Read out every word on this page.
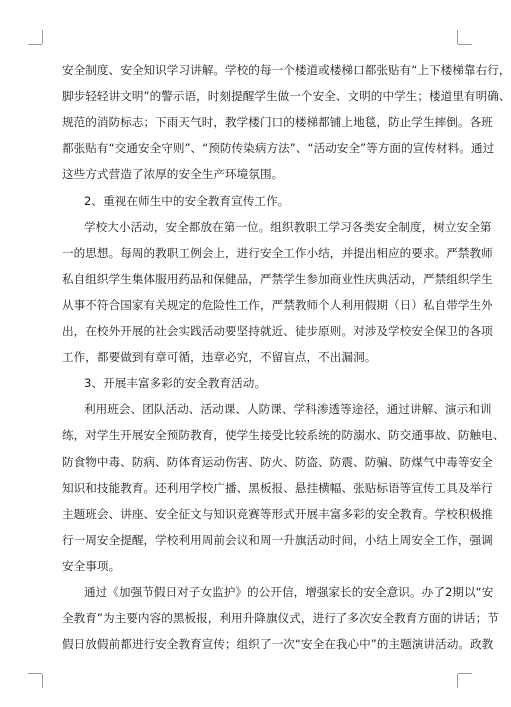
安全制度、安全知识学习讲解。学校的每一个楼道或楼梯口都张贴有“上下楼梯靠右行，
脚步轻轻讲文明”的警示语，时刻提醒学生做一个安全、文明的中学生；楼道里有明确、
规范的消防标志；下雨天气时，教学楼门口的楼梯都铺上地毯，防止学生摔倒。各班
都张贴有“交通安全守则”、“预防传染病方法”、“活动安全”等方面的宣传材料。通过
这些方式营造了浓厚的安全生产环境氛围。
2、重视在师生中的安全教育宣传工作。
学校大小活动，安全都放在第一位。组织教职工学习各类安全制度，树立安全第
一的思想。每周的教职工例会上，进行安全工作小结，并提出相应的要求。严禁教师
私自组织学生集体服用药品和保健品，严禁学生参加商业性庆典活动，严禁组织学生
从事不符合国家有关规定的危险性工作，严禁教师个人利用假期（日）私自带学生外
出，在校外开展的社会实践活动要坚持就近、徒步原则。对涉及学校安全保卫的各项
工作，都要做到有章可循，违章必究，不留盲点，不出漏洞。
3、开展丰富多彩的安全教育活动。
利用班会、团队活动、活动课、人防课、学科渗透等途径，通过讲解、演示和训
练，对学生开展安全预防教育，使学生接受比较系统的防溺水、防交通事故、防触电、
防食物中毒、防病、防体育运动伤害、防火、防盗、防震、防骗、防煤气中毒等安全
知识和技能教育。还利用学校广播、黑板报、悬挂横幅、张贴标语等宣传工具及举行
主题班会、讲座、安全征文与知识竞赛等形式开展丰富多彩的安全教育。学校积极推
行一周安全提醒，学校利用周前会议和周一升旗活动时间，小结上周安全工作，强调
安全事项。
通过《加强节假日对子女监护》的公开信，增强家长的安全意识。办了2期以“安
全教育”为主要内容的黑板报，利用升降旗仪式，进行了多次安全教育方面的讲话；节
假日放假前都进行安全教育宣传；组织了一次“安全在我心中”的主题演讲活动。政教
